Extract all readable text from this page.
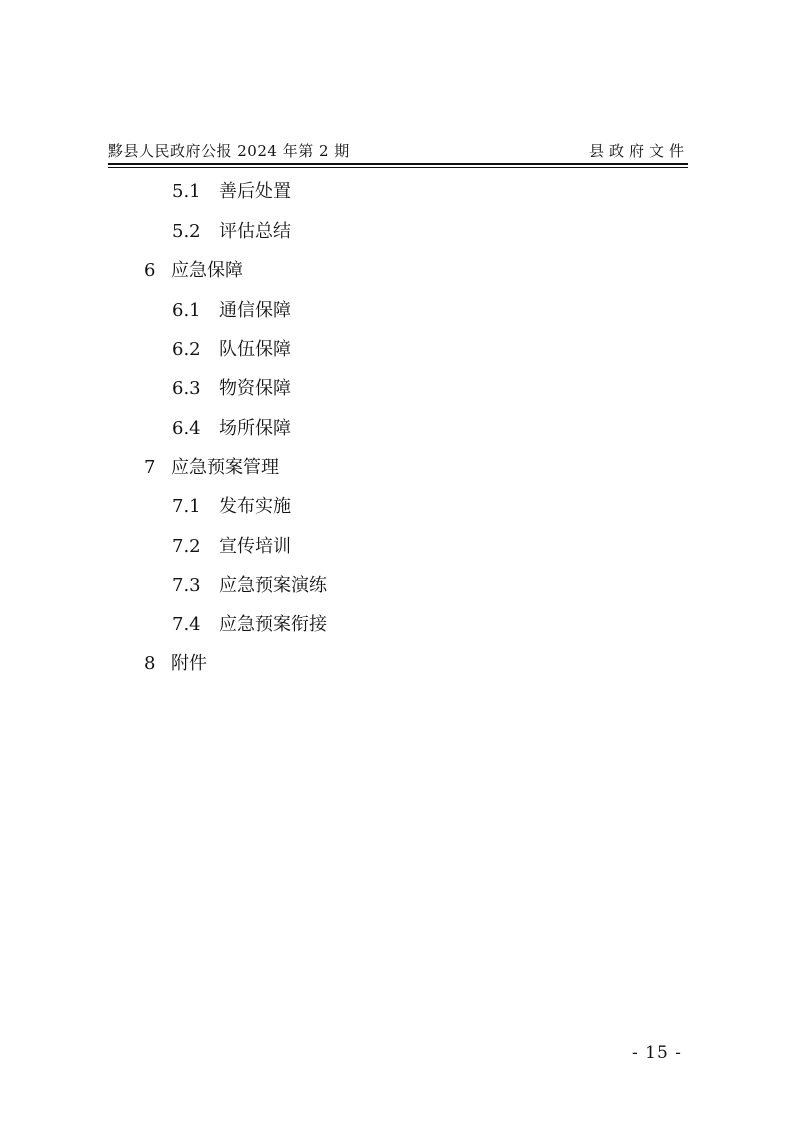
黟县人民政府公报 2024 年第 2 期	县政府文件
5.1 善后处置
5.2 评估总结
6 应急保障
6.1 通信保障
6.2 队伍保障
6.3 物资保障
6.4 场所保障
7 应急预案管理
7.1 发布实施
7.2 宣传培训
7.3 应急预案演练
7.4 应急预案衔接
8 附件
- 15 -
